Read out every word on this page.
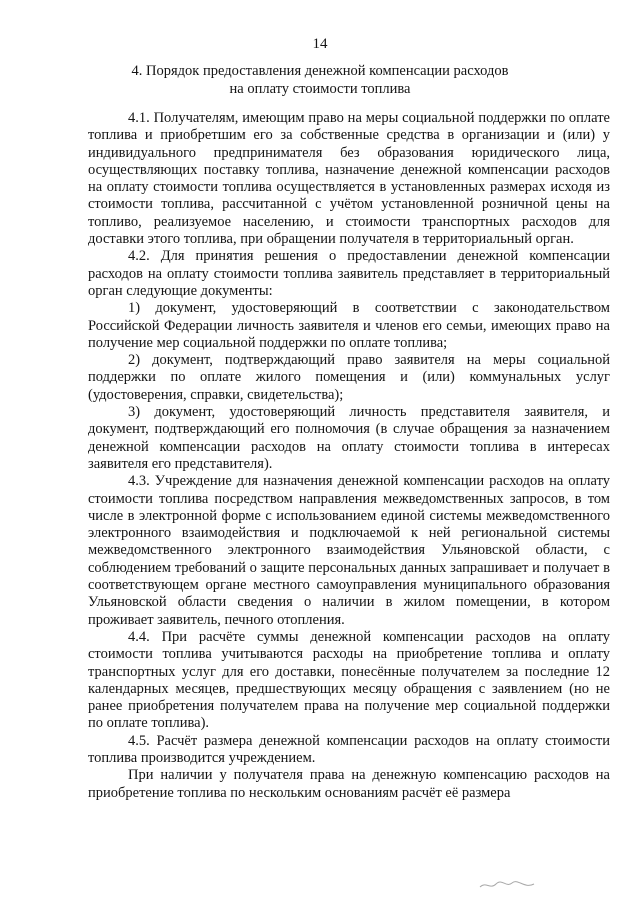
14
4. Порядок предоставления денежной компенсации расходов
на оплату стоимости топлива

4.1. Получателям, имеющим право на меры социальной поддержки по оплате топлива и приобретшим его за собственные средства в организации и (или) у индивидуального предпринимателя без образования юридического лица, осуществляющих поставку топлива, назначение денежной компенсации расходов на оплату стоимости топлива осуществляется в установленных размерах исходя из стоимости топлива, рассчитанной с учётом установленной розничной цены на топливо, реализуемое населению, и стоимости транспортных расходов для доставки этого топлива, при обращении получателя в территориальный орган.

4.2. Для принятия решения о предоставлении денежной компенсации расходов на оплату стоимости топлива заявитель представляет в территориальный орган следующие документы:

1) документ, удостоверяющий в соответствии с законодательством Российской Федерации личность заявителя и членов его семьи, имеющих право на получение мер социальной поддержки по оплате топлива;

2) документ, подтверждающий право заявителя на меры социальной поддержки по оплате жилого помещения и (или) коммунальных услуг (удостоверения, справки, свидетельства);

3) документ, удостоверяющий личность представителя заявителя, и документ, подтверждающий его полномочия (в случае обращения за назначением денежной компенсации расходов на оплату стоимости топлива в интересах заявителя его представителя).

4.3. Учреждение для назначения денежной компенсации расходов на оплату стоимости топлива посредством направления межведомственных запросов, в том числе в электронной форме с использованием единой системы межведомственного электронного взаимодействия и подключаемой к ней региональной системы межведомственного электронного взаимодействия Ульяновской области, с соблюдением требований о защите персональных данных запрашивает и получает в соответствующем органе местного самоуправления муниципального образования Ульяновской области сведения о наличии в жилом помещении, в котором проживает заявитель, печного отопления.

4.4. При расчёте суммы денежной компенсации расходов на оплату стоимости топлива учитываются расходы на приобретение топлива и оплату транспортных услуг для его доставки, понесённые получателем за последние 12 календарных месяцев, предшествующих месяцу обращения с заявлением (но не ранее приобретения получателем права на получение мер социальной поддержки по оплате топлива).

4.5. Расчёт размера денежной компенсации расходов на оплату стоимости топлива производится учреждением.

При наличии у получателя права на денежную компенсацию расходов на приобретение топлива по нескольким основаниям расчёт её размера
